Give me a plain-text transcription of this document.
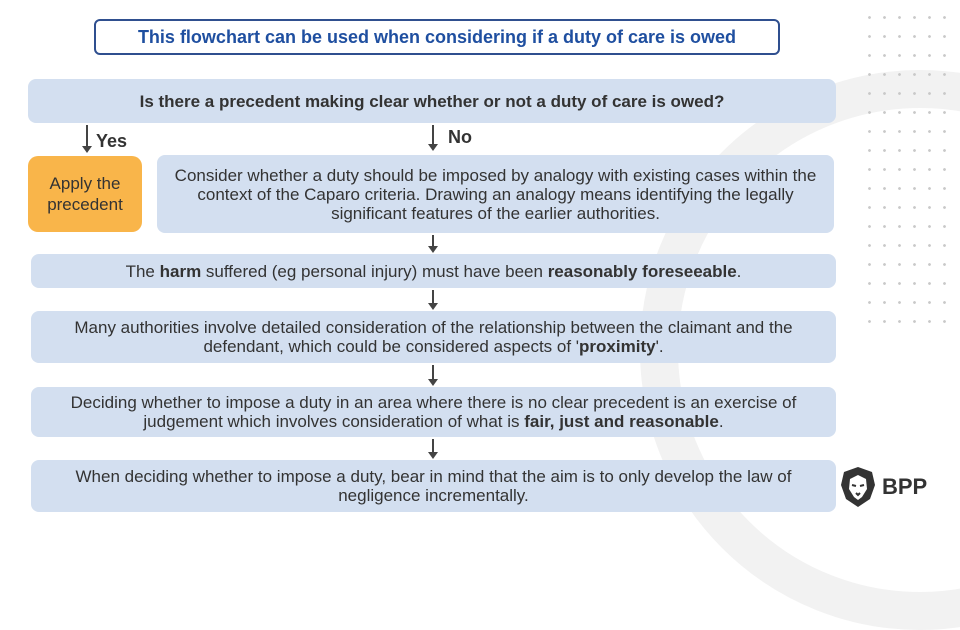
This flowchart can be used when considering if a duty of care is owed
Is there a precedent making clear whether or not a duty of care is owed?
Yes	No
Apply the precedent
Consider whether a duty should be imposed by analogy with existing cases within the context of the Caparo criteria. Drawing an analogy means identifying the legally significant features of the earlier authorities.
The harm suffered (eg personal injury) must have been reasonably foreseeable.
Many authorities involve detailed consideration of the relationship between the claimant and the defendant, which could be considered aspects of 'proximity'.
Deciding whether to impose a duty in an area where there is no clear precedent is an exercise of judgement which involves consideration of what is fair, just and reasonable.
When deciding whether to impose a duty, bear in mind that the aim is to only develop the law of negligence incrementally.	BPP
